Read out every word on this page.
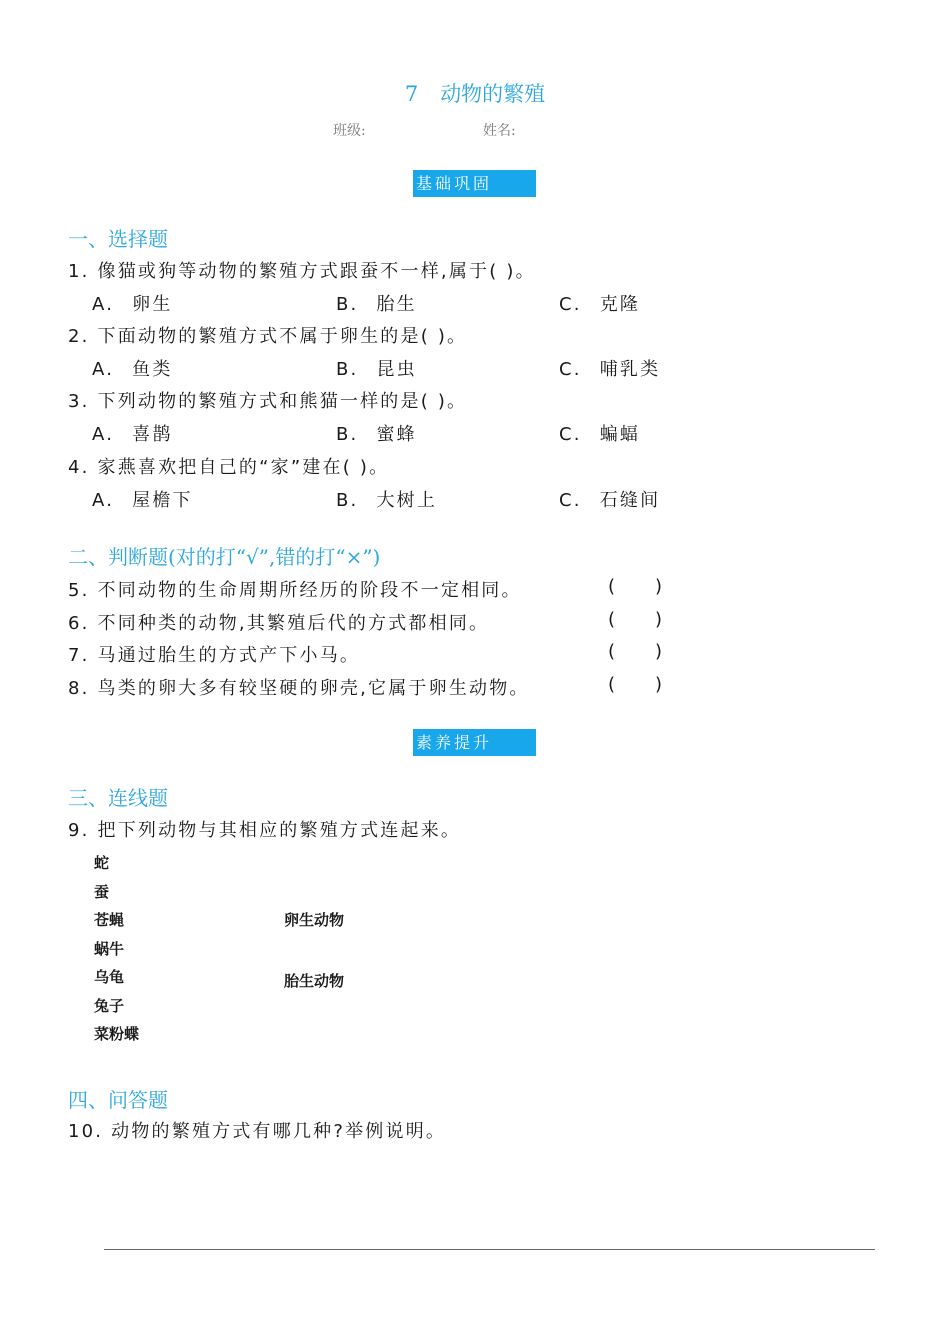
7 动物的繁殖
班级:	姓名:
基础巩固
一、选择题
1. 像猫或狗等动物的繁殖方式跟蚕不一样,属于( )。
A. 卵生	B. 胎生	C. 克隆
2. 下面动物的繁殖方式不属于卵生的是( )。
A. 鱼类	B. 昆虫	C. 哺乳类
3. 下列动物的繁殖方式和熊猫一样的是( )。
A. 喜鹊	B. 蜜蜂	C. 蝙蝠
4. 家燕喜欢把自己的“家”建在( )。
A. 屋檐下	B. 大树上	C. 石缝间
二、判断题(对的打“√”,错的打“×”)
5. 不同动物的生命周期所经历的阶段不一定相同。	()
6. 不同种类的动物,其繁殖后代的方式都相同。	()
7. 马通过胎生的方式产下小马。	()
8. 鸟类的卵大多有较坚硬的卵壳,它属于卵生动物。	()
素养提升
三、连线题
9. 把下列动物与其相应的繁殖方式连起来。
蛇
蚕
苍蝇
蜗牛
乌龟
兔子
菜粉蝶
卵生动物
胎生动物
四、问答题
10. 动物的繁殖方式有哪几种?举例说明。
